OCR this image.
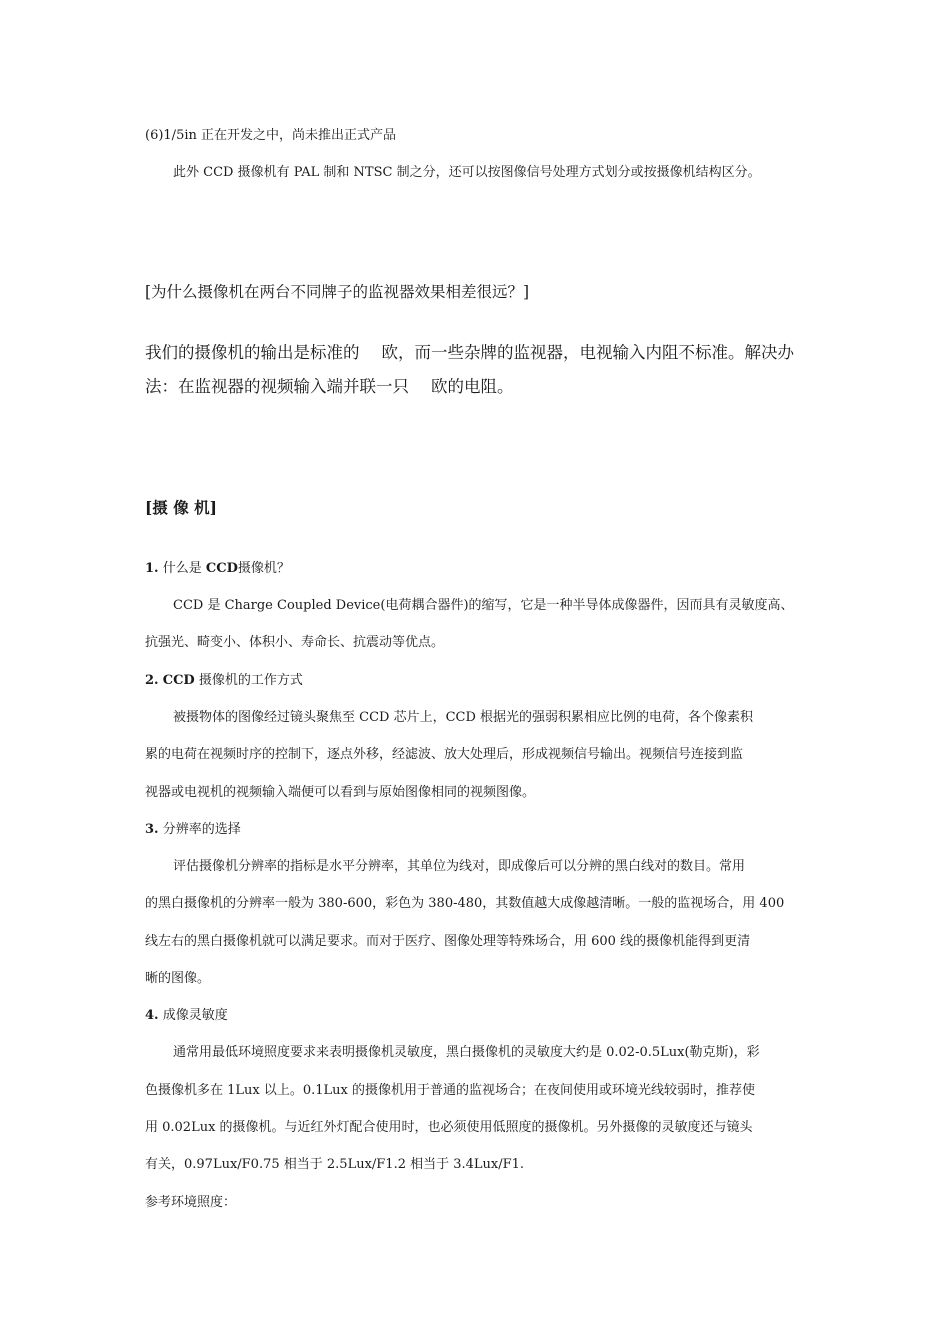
(6)1/5in 正在开发之中，尚未推出正式产品
此外 CCD 摄像机有 PAL 制和 NTSC 制之分，还可以按图像信号处理方式划分或按摄像机结构区分。
[为什么摄像机在两台不同牌子的监视器效果相差很远？]
我们的摄像机的输出是标准的 欧，而一些杂牌的监视器，电视输入内阻不标准。解决办
法：在监视器的视频输入端并联一只 欧的电阻。
[摄 像 机]
1. 什么是 CCD摄像机？
CCD 是 Charge Coupled Device(电荷耦合器件)的缩写，它是一种半导体成像器件，因而具有灵敏度高、
抗强光、畸变小、体积小、寿命长、抗震动等优点。
2. CCD 摄像机的工作方式
被摄物体的图像经过镜头聚焦至 CCD 芯片上，CCD 根据光的强弱积累相应比例的电荷，各个像素积
累的电荷在视频时序的控制下，逐点外移，经滤波、放大处理后，形成视频信号输出。视频信号连接到监
视器或电视机的视频输入端便可以看到与原始图像相同的视频图像。
3. 分辨率的选择
评估摄像机分辨率的指标是水平分辨率，其单位为线对，即成像后可以分辨的黑白线对的数目。常用
的黑白摄像机的分辨率一般为 380-600，彩色为 380-480，其数值越大成像越清晰。一般的监视场合，用 400
线左右的黑白摄像机就可以满足要求。而对于医疗、图像处理等特殊场合，用 600 线的摄像机能得到更清
晰的图像。
4. 成像灵敏度
通常用最低环境照度要求来表明摄像机灵敏度，黑白摄像机的灵敏度大约是 0.02-0.5Lux(勒克斯)，彩
色摄像机多在 1Lux 以上。0.1Lux 的摄像机用于普通的监视场合；在夜间使用或环境光线较弱时，推荐使
用 0.02Lux 的摄像机。与近红外灯配合使用时，也必须使用低照度的摄像机。另外摄像的灵敏度还与镜头
有关，0.97Lux/F0.75 相当于 2.5Lux/F1.2 相当于 3.4Lux/F1.
参考环境照度：
